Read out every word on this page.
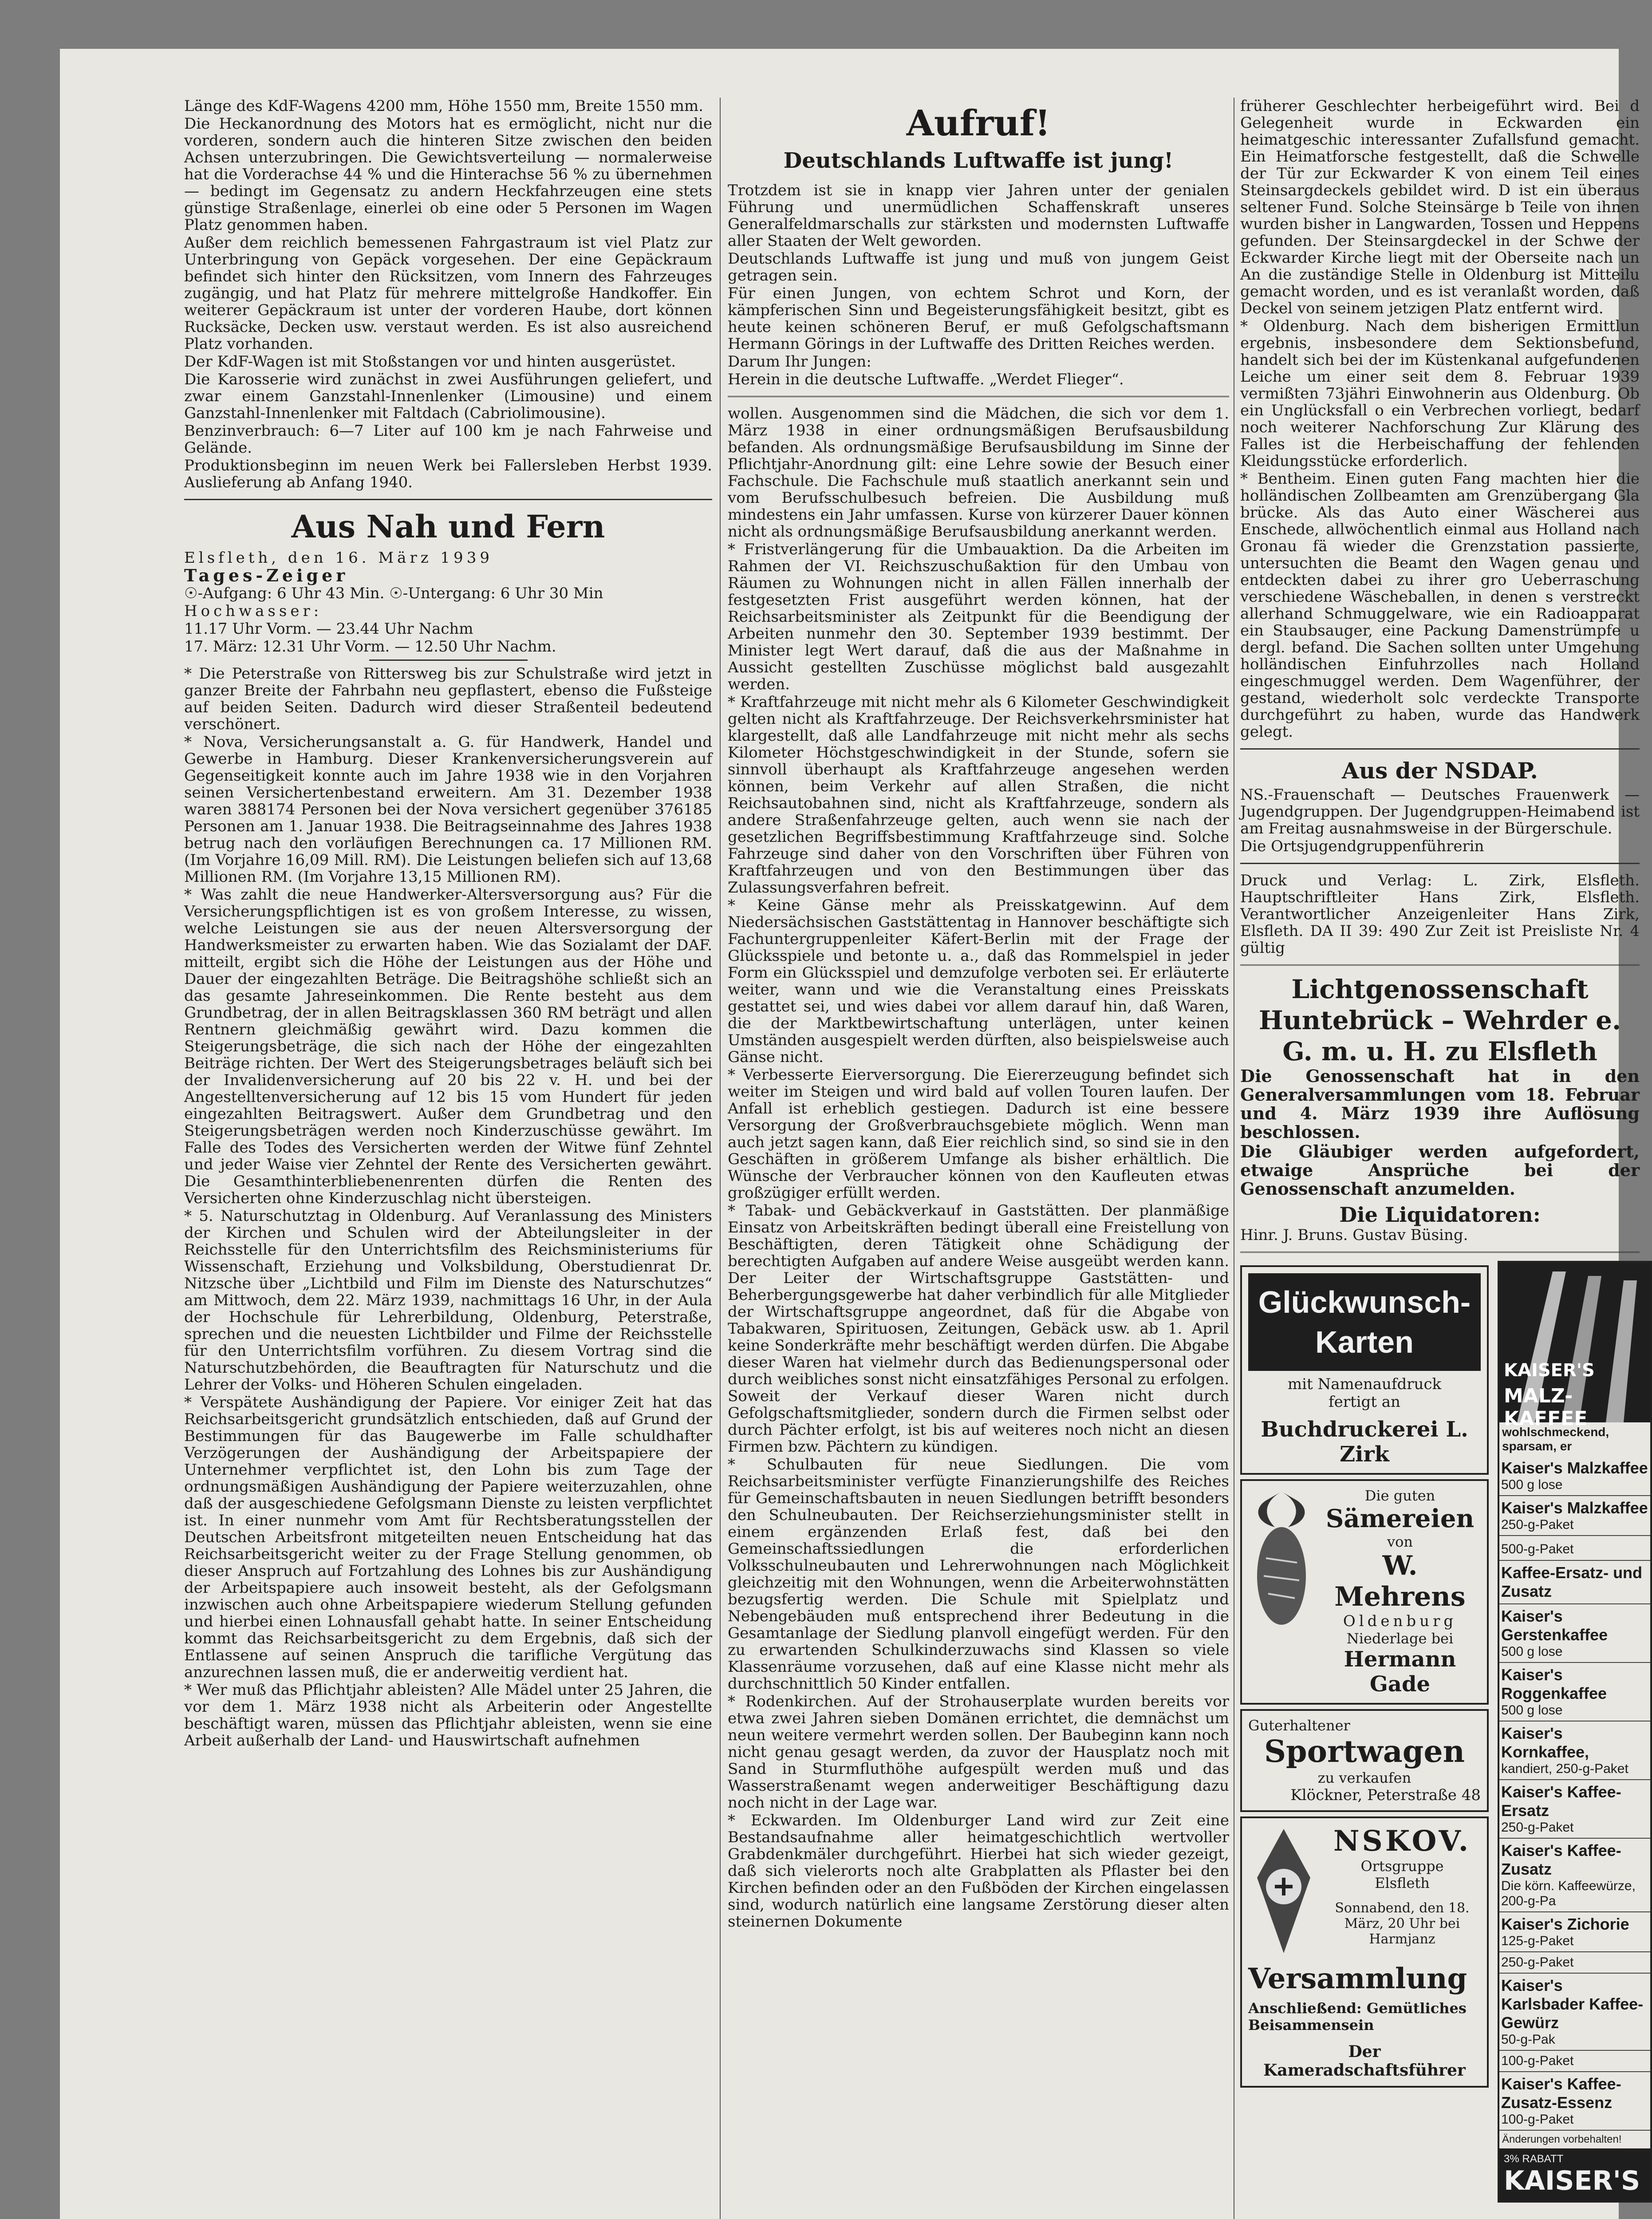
Länge des KdF-Wagens 4200 mm, Höhe 1550 mm, Breite 1550 mm.

Die Heckanordnung des Motors hat es ermöglicht, nicht nur die vorderen, sondern auch die hinteren Sitze zwischen den beiden Achsen unterzubringen. Die Gewichtsverteilung — normalerweise hat die Vorderachse 44 % und die Hinterachse 56 % zu übernehmen — bedingt im Gegensatz zu andern Heckfahrzeugen eine stets günstige Straßenlage, einerlei ob eine oder 5 Personen im Wagen Platz genommen haben.

Außer dem reichlich bemessenen Fahrgastraum ist viel Platz zur Unterbringung von Gepäck vorgesehen. Der eine Gepäckraum befindet sich hinter den Rücksitzen, vom Innern des Fahrzeuges zugängig, und hat Platz für mehrere mittelgroße Handkoffer. Ein weiterer Gepäckraum ist unter der vorderen Haube, dort können Rucksäcke, Decken usw. verstaut werden. Es ist also ausreichend Platz vorhanden.

Der KdF-Wagen ist mit Stoßstangen vor und hinten ausgerüstet.

Die Karosserie wird zunächst in zwei Ausführungen geliefert, und zwar einem Ganzstahl-Innenlenker (Limousine) und einem Ganzstahl-Innenlenker mit Faltdach (Cabriolimousine).

Benzinverbrauch: 6—7 Liter auf 100 km je nach Fahrweise und Gelände.

Produktionsbeginn im neuen Werk bei Fallersleben Herbst 1939. Auslieferung ab Anfang 1940.

Aus Nah und Fern

Elsfleth, den 16. März 1939

Tages-Zeiger

☉-Aufgang: 6 Uhr 43 Min. ☉-Untergang: 6 Uhr 30 Min

Hochwasser:

11.17 Uhr Vorm. — 23.44 Uhr Nachm

17. März: 12.31 Uhr Vorm. — 12.50 Uhr Nachm.

* Die Peterstraße von Rittersweg bis zur Schulstraße wird jetzt in ganzer Breite der Fahrbahn neu gepflastert, ebenso die Fußsteige auf beiden Seiten. Dadurch wird dieser Straßenteil bedeutend verschönert.

* Nova, Versicherungsanstalt a. G. für Handwerk, Handel und Gewerbe in Hamburg. Dieser Krankenversicherungsverein auf Gegenseitigkeit konnte auch im Jahre 1938 wie in den Vorjahren seinen Versichertenbestand erweitern. Am 31. Dezember 1938 waren 388174 Personen bei der Nova versichert gegenüber 376185 Personen am 1. Januar 1938. Die Beitragseinnahme des Jahres 1938 betrug nach den vorläufigen Berechnungen ca. 17 Millionen RM. (Im Vorjahre 16,09 Mill. RM). Die Leistungen beliefen sich auf 13,68 Millionen RM. (Im Vorjahre 13,15 Millionen RM).

* Was zahlt die neue Handwerker-Altersversorgung aus? Für die Versicherungspflichtigen ist es von großem Interesse, zu wissen, welche Leistungen sie aus der neuen Altersversorgung der Handwerksmeister zu erwarten haben. Wie das Sozialamt der DAF. mitteilt, ergibt sich die Höhe der Leistungen aus der Höhe und Dauer der eingezahlten Beträge. Die Beitragshöhe schließt sich an das gesamte Jahreseinkommen. Die Rente besteht aus dem Grundbetrag, der in allen Beitragsklassen 360 RM beträgt und allen Rentnern gleichmäßig gewährt wird. Dazu kommen die Steigerungsbeträge, die sich nach der Höhe der eingezahlten Beiträge richten. Der Wert des Steigerungsbetrages beläuft sich bei der Invalidenversicherung auf 20 bis 22 v. H. und bei der Angestelltenversicherung auf 12 bis 15 vom Hundert für jeden eingezahlten Beitragswert. Außer dem Grundbetrag und den Steigerungsbeträgen werden noch Kinderzuschüsse gewährt. Im Falle des Todes des Versicherten werden der Witwe fünf Zehntel und jeder Waise vier Zehntel der Rente des Versicherten gewährt. Die Gesamthinterbliebenenrenten dürfen die Renten des Versicherten ohne Kinderzuschlag nicht übersteigen.

* 5. Naturschutztag in Oldenburg. Auf Veranlassung des Ministers der Kirchen und Schulen wird der Abteilungsleiter in der Reichsstelle für den Unterrichtsfilm des Reichsministeriums für Wissenschaft, Erziehung und Volksbildung, Oberstudienrat Dr. Nitzsche über „Lichtbild und Film im Dienste des Naturschutzes“ am Mittwoch, dem 22. März 1939, nachmittags 16 Uhr, in der Aula der Hochschule für Lehrerbildung, Oldenburg, Peterstraße, sprechen und die neuesten Lichtbilder und Filme der Reichsstelle für den Unterrichtsfilm vorführen. Zu diesem Vortrag sind die Naturschutzbehörden, die Beauftragten für Naturschutz und die Lehrer der Volks- und Höheren Schulen eingeladen.

* Verspätete Aushändigung der Papiere. Vor einiger Zeit hat das Reichsarbeitsgericht grundsätzlich entschieden, daß auf Grund der Bestimmungen für das Baugewerbe im Falle schuldhafter Verzögerungen der Aushändigung der Arbeitspapiere der Unternehmer verpflichtet ist, den Lohn bis zum Tage der ordnungsmäßigen Aushändigung der Papiere weiterzuzahlen, ohne daß der ausgeschiedene Gefolgsmann Dienste zu leisten verpflichtet ist. In einer nunmehr vom Amt für Rechtsberatungsstellen der Deutschen Arbeitsfront mitgeteilten neuen Entscheidung hat das Reichsarbeitsgericht weiter zu der Frage Stellung genommen, ob dieser Anspruch auf Fortzahlung des Lohnes bis zur Aushändigung der Arbeitspapiere auch insoweit besteht, als der Gefolgsmann inzwischen auch ohne Arbeitspapiere wiederum Stellung gefunden und hierbei einen Lohnausfall gehabt hatte. In seiner Entscheidung kommt das Reichsarbeitsgericht zu dem Ergebnis, daß sich der Entlassene auf seinen Anspruch die tarifliche Vergütung das anzurechnen lassen muß, die er anderweitig verdient hat.

* Wer muß das Pflichtjahr ableisten? Alle Mädel unter 25 Jahren, die vor dem 1. März 1938 nicht als Arbeiterin oder Angestellte beschäftigt waren, müssen das Pflichtjahr ableisten, wenn sie eine Arbeit außerhalb der Land- und Hauswirtschaft aufnehmen

Aufruf!
Deutschlands Luftwaffe ist jung!

Trotzdem ist sie in knapp vier Jahren unter der genialen Führung und unermüdlichen Schaffenskraft unseres Generalfeldmarschalls zur stärksten und modernsten Luftwaffe aller Staaten der Welt geworden.

Deutschlands Luftwaffe ist jung und muß von jungem Geist getragen sein.

Für einen Jungen, von echtem Schrot und Korn, der kämpferischen Sinn und Begeisterungsfähigkeit besitzt, gibt es heute keinen schöneren Beruf, er muß Gefolgschaftsmann Hermann Görings in der Luftwaffe des Dritten Reiches werden.

Darum Ihr Jungen:

Herein in die deutsche Luftwaffe. „Werdet Flieger“.

wollen. Ausgenommen sind die Mädchen, die sich vor dem 1. März 1938 in einer ordnungsmäßigen Berufsausbildung befanden. Als ordnungsmäßige Berufsausbildung im Sinne der Pflichtjahr-Anordnung gilt: eine Lehre sowie der Besuch einer Fachschule. Die Fachschule muß staatlich anerkannt sein und vom Berufsschulbesuch befreien. Die Ausbildung muß mindestens ein Jahr umfassen. Kurse von kürzerer Dauer können nicht als ordnungsmäßige Berufsausbildung anerkannt werden.

* Fristverlängerung für die Umbauaktion. Da die Arbeiten im Rahmen der VI. Reichszuschußaktion für den Umbau von Räumen zu Wohnungen nicht in allen Fällen innerhalb der festgesetzten Frist ausgeführt werden können, hat der Reichsarbeitsminister als Zeitpunkt für die Beendigung der Arbeiten nunmehr den 30. September 1939 bestimmt. Der Minister legt Wert darauf, daß die aus der Maßnahme in Aussicht gestellten Zuschüsse möglichst bald ausgezahlt werden.

* Kraftfahrzeuge mit nicht mehr als 6 Kilometer Geschwindigkeit gelten nicht als Kraftfahrzeuge. Der Reichsverkehrsminister hat klargestellt, daß alle Landfahrzeuge mit nicht mehr als sechs Kilometer Höchstgeschwindigkeit in der Stunde, sofern sie sinnvoll überhaupt als Kraftfahrzeuge angesehen werden können, beim Verkehr auf allen Straßen, die nicht Reichsautobahnen sind, nicht als Kraftfahrzeuge, sondern als andere Straßenfahrzeuge gelten, auch wenn sie nach der gesetzlichen Begriffsbestimmung Kraftfahrzeuge sind. Solche Fahrzeuge sind daher von den Vorschriften über Führen von Kraftfahrzeugen und von den Bestimmungen über das Zulassungsverfahren befreit.

* Keine Gänse mehr als Preisskatgewinn. Auf dem Niedersächsischen Gaststättentag in Hannover beschäftigte sich Fachuntergruppenleiter Käfert-Berlin mit der Frage der Glücksspiele und betonte u. a., daß das Rommelspiel in jeder Form ein Glücksspiel und demzufolge verboten sei. Er erläuterte weiter, wann und wie die Veranstaltung eines Preisskats gestattet sei, und wies dabei vor allem darauf hin, daß Waren, die der Marktbewirtschaftung unterlägen, unter keinen Umständen ausgespielt werden dürften, also beispielsweise auch Gänse nicht.

* Verbesserte Eierversorgung. Die Eiererzeugung befindet sich weiter im Steigen und wird bald auf vollen Touren laufen. Der Anfall ist erheblich gestiegen. Dadurch ist eine bessere Versorgung der Großverbrauchsgebiete möglich. Wenn man auch jetzt sagen kann, daß Eier reichlich sind, so sind sie in den Geschäften in größerem Umfange als bisher erhältlich. Die Wünsche der Verbraucher können von den Kaufleuten etwas großzügiger erfüllt werden.

* Tabak- und Gebäckverkauf in Gaststätten. Der planmäßige Einsatz von Arbeitskräften bedingt überall eine Freistellung von Beschäftigten, deren Tätigkeit ohne Schädigung der berechtigten Aufgaben auf andere Weise ausgeübt werden kann. Der Leiter der Wirtschaftsgruppe Gaststätten- und Beherbergungsgewerbe hat daher verbindlich für alle Mitglieder der Wirtschaftsgruppe angeordnet, daß für die Abgabe von Tabakwaren, Spirituosen, Zeitungen, Gebäck usw. ab 1. April keine Sonderkräfte mehr beschäftigt werden dürfen. Die Abgabe dieser Waren hat vielmehr durch das Bedienungspersonal oder durch weibliches sonst nicht einsatzfähiges Personal zu erfolgen. Soweit der Verkauf dieser Waren nicht durch Gefolgschaftsmitglieder, sondern durch die Firmen selbst oder durch Pächter erfolgt, ist bis auf weiteres noch nicht an diesen Firmen bzw. Pächtern zu kündigen.

* Schulbauten für neue Siedlungen. Die vom Reichsarbeitsminister verfügte Finanzierungshilfe des Reiches für Gemeinschaftsbauten in neuen Siedlungen betrifft besonders den Schulneubauten. Der Reichserziehungsminister stellt in einem ergänzenden Erlaß fest, daß bei den Gemeinschaftssiedlungen die erforderlichen Volksschulneubauten und Lehrerwohnungen nach Möglichkeit gleichzeitig mit den Wohnungen, wenn die Arbeiterwohnstätten bezugsfertig werden. Die Schule mit Spielplatz und Nebengebäuden muß entsprechend ihrer Bedeutung in die Gesamtanlage der Siedlung planvoll eingefügt werden. Für den zu erwartenden Schulkinderzuwachs sind Klassen so viele Klassenräume vorzusehen, daß auf eine Klasse nicht mehr als durchschnittlich 50 Kinder entfallen.

* Rodenkirchen. Auf der Strohauserplate wurden bereits vor etwa zwei Jahren sieben Domänen errichtet, die demnächst um neun weitere vermehrt werden sollen. Der Baubeginn kann noch nicht genau gesagt werden, da zuvor der Hausplatz noch mit Sand in Sturmfluthöhe aufgespült werden muß und das Wasserstraßenamt wegen anderweitiger Beschäftigung dazu noch nicht in der Lage war.

* Eckwarden. Im Oldenburger Land wird zur Zeit eine Bestandsaufnahme aller heimatgeschichtlich wertvoller Grabdenkmäler durchgeführt. Hierbei hat sich wieder gezeigt, daß sich vielerorts noch alte Grabplatten als Pflaster bei den Kirchen befinden oder an den Fußböden der Kirchen eingelassen sind, wodurch natürlich eine langsame Zerstörung dieser alten steinernen Dokumente

früherer Geschlechter herbeigeführt wird. Bei d Gelegenheit wurde in Eckwarden ein heimatgeschic interessanter Zufallsfund gemacht. Ein Heimatforsche festgestellt, daß die Schwelle der Tür zur Eckwarder K von einem Teil eines Steinsargdeckels gebildet wird. D ist ein überaus seltener Fund. Solche Steinsärge b Teile von ihnen wurden bisher in Langwarden, Tossen und Heppens gefunden. Der Steinsargdeckel in der Schwe der Eckwarder Kirche liegt mit der Oberseite nach un An die zuständige Stelle in Oldenburg ist Mitteilu gemacht worden, und es ist veranlaßt worden, daß Deckel von seinem jetzigen Platz entfernt wird.

* Oldenburg. Nach dem bisherigen Ermittlun ergebnis, insbesondere dem Sektionsbefund, handelt sich bei der im Küstenkanal aufgefundenen Leiche um einer seit dem 8. Februar 1939 vermißten 73jähri Einwohnerin aus Oldenburg. Ob ein Unglücksfall o ein Verbrechen vorliegt, bedarf noch weiterer Nachforschung Zur Klärung des Falles ist die Herbeischaffung der fehlenden Kleidungsstücke erforderlich.

* Bentheim. Einen guten Fang machten hier die holländischen Zollbeamten am Grenzübergang Gla brücke. Als das Auto einer Wäscherei aus Enschede, allwöchentlich einmal aus Holland nach Gronau fä wieder die Grenzstation passierte, untersuchten die Beamt den Wagen genau und entdeckten dabei zu ihrer gro Ueberraschung verschiedene Wäscheballen, in denen s verstreckt allerhand Schmuggelware, wie ein Radioapparat ein Staubsauger, eine Packung Damenstrümpfe u dergl. befand. Die Sachen sollten unter Umgehung holländischen Einfuhrzolles nach Holland eingeschmuggel werden. Dem Wagenführer, der gestand, wiederholt solc verdeckte Transporte durchgeführt zu haben, wurde das Handwerk gelegt.

Aus der NSDAP.

NS.-Frauenschaft — Deutsches Frauenwerk — Jugendgruppen. Der Jugendgruppen-Heimabend ist am Freitag ausnahmsweise in der Bürgerschule.

Die Ortsjugendgruppenführerin

Druck und Verlag: L. Zirk, Elsfleth. Hauptschriftleiter Hans Zirk, Elsfleth. Verantwortlicher Anzeigenleiter Hans Zirk, Elsfleth. DA II 39: 490 Zur Zeit ist Preisliste Nr. 4 gültig

Lichtgenossenschaft Huntebrück – Wehrder e. G. m. u. H. zu Elsfleth

Die Genossenschaft hat in den Generalversammlungen vom 18. Februar und 4. März 1939 ihre Auflösung beschlossen.

Die Gläubiger werden aufgefordert, etwaige Ansprüche bei der Genossenschaft anzumelden.

Die Liquidatoren:

Hinr. J. Bruns. Gustav Büsing.

Glückwunsch-Karten
mit Namenaufdruck
fertigt an
Buchdruckerei L. Zirk
Die guten
Sämereien
von
W. Mehrens
Oldenburg
Niederlage bei
Hermann Gade
Guterhaltener
Sportwagen
zu verkaufen
Klöckner, Peterstraße 48
NSKOV.
Ortsgruppe
Elsfleth
Sonnabend, den 18. März, 20 Uhr bei Harmjanz
Versammlung
Anschließend: Gemütliches Beisammensein
Der Kameradschaftsführer
KAISER'S
MALZ-KAFFEE
wohlschmeckend, sparsam, er
Kaiser's Malzkaffee
500 g lose
Kaiser's Malzkaffee
250-g-Paket
500-g-Paket
Kaffee-Ersatz- und Zusatz
Kaiser's Gerstenkaffee
500 g lose
Kaiser's Roggenkaffee
500 g lose
Kaiser's Kornkaffee,
kandiert, 250-g-Paket
Kaiser's Kaffee-Ersatz
250-g-Paket
Kaiser's Kaffee-Zusatz
Die körn. Kaffeewürze, 200-g-Pa
Kaiser's Zichorie
125-g-Paket
250-g-Paket
Kaiser's Karlsbader Kaffee-Gewürz
50-g-Pak
100-g-Paket
Kaiser's Kaffee-Zusatz-Essenz
100-g-Paket
Änderungen vorbehalten!
3% RABATT
KAISER'S
